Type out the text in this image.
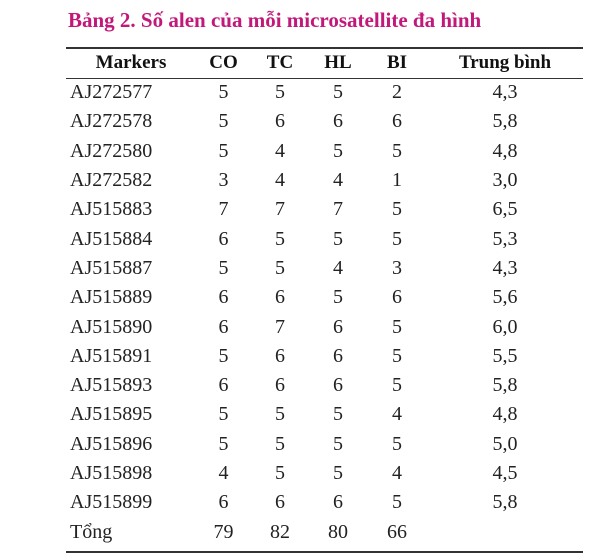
Bảng 2. Số alen của mỗi microsatellite đa hình
Markers	CO	TC	HL	BI	Trung bình
AJ272577	5	5	5	2	4,3
AJ272578	5	6	6	6	5,8
AJ272580	5	4	5	5	4,8
AJ272582	3	4	4	1	3,0
AJ515883	7	7	7	5	6,5
AJ515884	6	5	5	5	5,3
AJ515887	5	5	4	3	4,3
AJ515889	6	6	5	6	5,6
AJ515890	6	7	6	5	6,0
AJ515891	5	6	6	5	5,5
AJ515893	6	6	6	5	5,8
AJ515895	5	5	5	4	4,8
AJ515896	5	5	5	5	5,0
AJ515898	4	5	5	4	4,5
AJ515899	6	6	6	5	5,8
Tổng	79	82	80	66	
